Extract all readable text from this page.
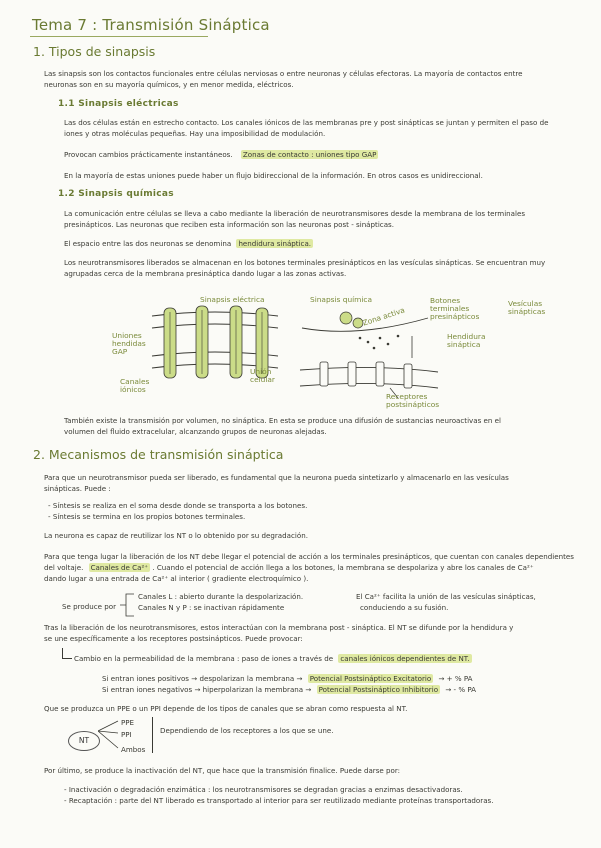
Tema 7 : Transmisión Sináptica
1. Tipos de sinapsis
Las sinapsis son los contactos funcionales entre células nerviosas o entre neuronas y células efectoras. La mayoría de contactos entre
neuronas son en su mayoría químicos, y en menor medida, eléctricos.
1.1 Sinapsis eléctricas
Las dos células están en estrecho contacto. Los canales iónicos de las membranas pre y post sinápticas se juntan y permiten el paso de
iones y otras moléculas pequeñas. Hay una imposibilidad de modulación.
Provocan cambios prácticamente instantáneos. Zonas de contacto : uniones tipo GAP
En la mayoría de estas uniones puede haber un flujo bidireccional de la información. En otros casos es unidireccional.
1.2 Sinapsis químicas
La comunicación entre células se lleva a cabo mediante la liberación de neurotransmisores desde la membrana de los terminales
presinápticos. Las neuronas que reciben esta información son las neuronas post - sinápticas.
El espacio entre las dos neuronas se denomina hendidura sináptica.
Los neurotransmisores liberados se almacenan en los botones terminales presinápticos en las vesículas sinápticas. Se encuentran muy
agrupadas cerca de la membrana presináptica dando lugar a las zonas activas.
Sinapsis eléctrica
Uniones hendidas GAP
Canales iónicos
Unión celular
Sinapsis química
Zona activa
Botones terminales presinápticos
Vesículas sinápticas
Hendidura sináptica
Receptores postsinápticos
También existe la transmisión por volumen, no sináptica. En esta se produce una difusión de sustancias neuroactivas en el
volumen del fluido extracelular, alcanzando grupos de neuronas alejadas.
2. Mecanismos de transmisión sináptica
Para que un neurotransmisor pueda ser liberado, es fundamental que la neurona pueda sintetizarlo y almacenarlo en las vesículas
sinápticas. Puede :
- Síntesis se realiza en el soma desde donde se transporta a los botones.
- Síntesis se termina en los propios botones terminales.
La neurona es capaz de reutilizar los NT o lo obtenido por su degradación.
Para que tenga lugar la liberación de los NT debe llegar el potencial de acción a los terminales presinápticos, que cuentan con canales dependientes
del voltaje. Canales de Ca²⁺ . Cuando el potencial de acción llega a los botones, la membrana se despolariza y abre los canales de Ca²⁺
dando lugar a una entrada de Ca²⁺ al interior ( gradiente electroquímico ).
Se produce por
Canales L : abierto durante la despolarización.
Canales N y P : se inactivan rápidamente
El Ca²⁺ facilita la unión de las vesículas sinápticas,
conduciendo a su fusión.
Tras la liberación de los neurotransmisores, estos interactúan con la membrana post - sináptica. El NT se difunde por la hendidura y
se une específicamente a los receptores postsinápticos. Puede provocar:
Cambio en la permeabilidad de la membrana : paso de iones a través de canales iónicos dependientes de NT.
Si entran iones positivos → despolarizan la membrana → Potencial Postsináptico Excitatorio → + % PA
Si entran iones negativos → hiperpolarizan la membrana → Potencial Postsináptico Inhibitorio → - % PA
Que se produzca un PPE o un PPI depende de los tipos de canales que se abran como respuesta al NT.
NT
PPE
PPI
Ambos
Dependiendo de los receptores a los que se une.
Por último, se produce la inactivación del NT, que hace que la transmisión finalice. Puede darse por:
- Inactivación o degradación enzimática : los neurotransmisores se degradan gracias a enzimas desactivadoras.
- Recaptación : parte del NT liberado es transportado al interior para ser reutilizado mediante proteínas transportadoras.
